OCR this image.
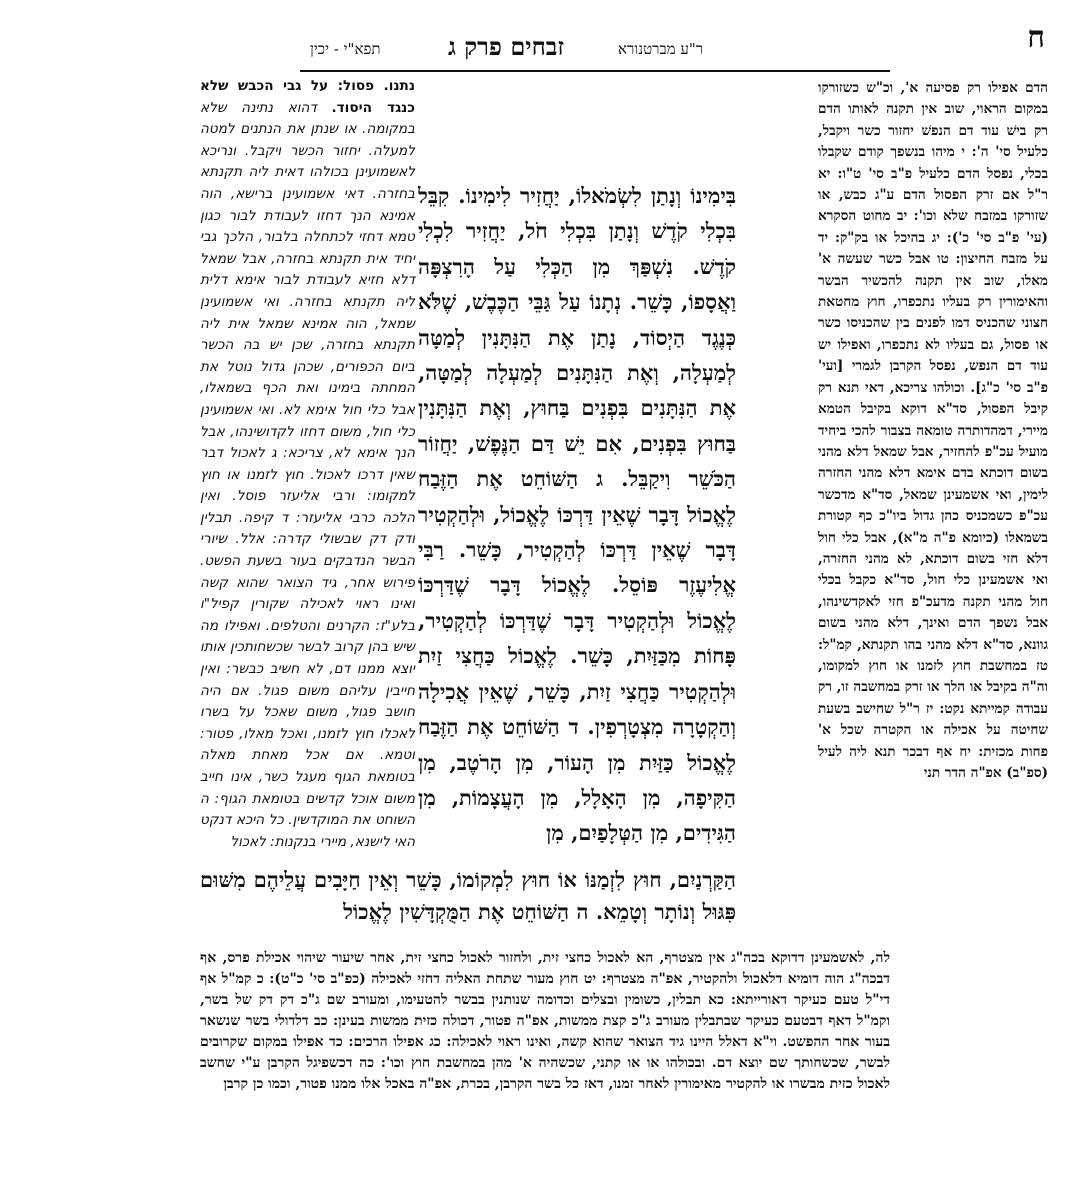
ח
תפא"י - יכין	זבחים פרק ג	ר"ע מברטנורא

הדם אפילו רק פסיעה א', וכ"ש כשזורקו במקום הראוי, שוב אין תקנה לאותו הדם רק בישׁ עוד דם הנפשׁ יחזור כשר ויקבל, כלעיל סי' ה': י מיהו בנשפך קודם שקבלו בכלי, נפסל הדם כלעיל פ"ב סי' ט"ו: יא ר"ל אם זרק הפסול הדם ע"ג כבש, או שזורקו במזבח שלא וכו': יב מחוט הסקרא (עי' פ"ב סי' כ'): יג בהיכל או בק"ק: יד על מזבח החיצון: טו אבל כשר שעשה א' מאלו, שוב אין תקנה להכשיר הבשר והאימורין רק בעליו נתכפרו, חוץ מחטאת חצוני שהכניס דמו לפנים בין שהכניסו כשר או פסול, גם בעליו לא נתכפרו, ואפילו יש עוד דם הנפש, נפסל הקרבן לגמרי [ועי' פ"ב סי' כ"ג]. וכולהו צריכא, דאי תנא רק קיבל הפסול, סד"א דוקא בקיבל הטמא מיירי, דמהדותרה טומאה בצבור להכי ביחיד מועיל עכ"פ להחזיר, אבל שמאל דלא מהני בשום דוכתא בדם אימא דלא מהני החזרה לימין, ואי אשמעינן שמאל, סד"א מדכשר עכ"פ כשמכניס כהן גדול ביו"כ כף קטורת בשמאלו (כיומא פ"ה מ"א), אבל כלי חול דלא חזי בשום דוכתא, לא מהני החזרה, ואי אשמעינן כלי חול, סד"א כקבל בכלי חול מהני תקנה מדעכ"פ חזי לאקדשינהו, אבל נשפך הדם ואינך, דלא מהני בשום גוונא, סד"א דלא מהני בהו תקנתא, קמ"ל: טז במחשבת חוץ לזמנו או חוץ למקומו, וה"ה בקיבל או הלך או זרק במחשבה זו, רק עבודה קמייתא נקט: יז ר"ל שחישב בשעת שחיטה על אכילה או הקטרה שכל א' פחות מכזית: יח אף דבכר תנא ליה לעיל (ספ"ב) אפ"ה הדר תני

נתנו. פסול: על גבי הכבש שלא כנגד היסוד. דהוא נתינה שלא במקומה. או שנתן את הנתנים למטה למעלה. יחזור הכשר ויקבל. ונריכא לאשמועינן בכולהו דאית ליה תקנתא בחזרה. דאי אשמועינן ברישא, הוה אמינא הנך דחזו לעבודת לבור כגון טמא דחזי לכתחלה בלבור, הלכך גבי יחיד אית תקנתא בחזרה, אבל שמאל דלא חזיא לעבודת לבור אימא דלית ליה תקנתא בחזרה. ואי אשמועינן שמאל, הוה אמינא שמאל אית ליה תקנתא בחזרה, שכן יש בה הכשר ביום הכפורים, שכהן גדול נוטל את המחתה בימינו ואת הכף בשמאלו, אבל כלי חול אימא לא. ואי אשמועינן כלי חול, משום דחזו לקדושינהו, אבל הנך אימא לא, צריכא: ג לאכול דבר שאין דרכו לאכול. חוץ לזמנו או חוץ למקומו: ורבי אליעזר פוסל. ואין הלכה כרבי אליעזר: ד קיפה. תבלין ודק דק שבשולי קדרה: אלל. שיורי הבשר הנדבקים בעור בשעת הפשט. פירוש אחר, גיד הצואר שהוא קשה ואינו ראוי לאכילה שקורין קפיל"ו בלע"ז: הקרנים והטלפים. ואפילו מה שיש בהן קרוב לבשר שכשחותכין אותו יוצא ממנו דם, לא חשיב כבשר: ואין חייבין עליהם משום פגול. אם היה חושב פגול, משום שאכל על בשרו לאכלו חוץ לזמנו, ואכל מאלו, פטור: וטמא. אם אכל מאחת מאלה בטומאת הגוף מעגל כשר, אינו חייב משום אוכל קדשים בטומאת הגוף: ה השוחט את המוקדשין. כל היכא דנקט האי לישנא, מיירי בנקנות: לאכול

בִּימִינוֹ וְנָתַן לִשְׂמֹאלוֹ, יַחֲזִיר לִימִינוֹ. קִבֵּל בִּכְלִי קֹדֶשׁ וְנָתַן בִּכְלִי חֹל, יַחֲזִיר לִכְלִי קֹדֶשׁ. נִשְׁפַּךְ מִן הַכְּלִי עַל הָרִצְפָּה וַאֲסָפוֹ, כָּשֵׁר. נְתָנוֹ עַל גַּבֵּי הַכֶּבֶשׁ, שֶׁלֹּא כְּנֶגֶד הַיְסוֹד, נָתַן אֶת הַנִּתָּנִין לְמַטָּה לְמַעְלָה, וְאֶת הַנִּתָּנִים לְמַעְלָה לְמַטָּה, אֶת הַנִּתָּנִים בִּפְנִים בַּחוּץ, וְאֶת הַנִּתָּנִין בַּחוּץ בִּפְנִים, אִם יֵשׁ דַּם הַנֶּפֶשׁ, יַחֲזוֹר הַכֹּשֵׁר וִיקַבֵּל. ג הַשּׁוֹחֵט אֶת הַזֶּבַח לֶאֱכוֹל דָּבָר שֶׁאֵין דַּרְכּוֹ לֶאֱכוֹל, וּלְהַקְטִיר דָּבָר שֶׁאֵין דַּרְכּוֹ לְהַקְטִיר, כָּשֵׁר. רַבִּי אֱלִיעֶזֶר פּוֹסֵל. לֶאֱכוֹל דָּבָר שֶׁדַּרְכּוֹ לֶאֱכוֹל וּלְהַקְטִיר דָּבָר שֶׁדַּרְכּוֹ לְהַקְטִיר, פָּחוֹת מִכַּזַּיִת, כָּשֵׁר. לֶאֱכוֹל כַּחֲצִי זַיִת וּלְהַקְטִיר כַּחֲצִי זַיִת, כָּשֵׁר, שֶׁאֵין אֲכִילָה וְהַקְטָרָה מִצְטָרְפִין. ד הַשּׁוֹחֵט אֶת הַזֶּבַח לֶאֱכוֹל כַּזַּיִת מִן הָעוֹר, מִן הָרֹטֶב, מִן הַקִּיפָה, מִן הָאָלָל, מִן הָעֲצָמוֹת, מִן הַגִּידִים, מִן הַטְּלָפַיִם, מִן
הַקַּרְנַיִם, חוּץ לִזְמַנּוֹ אוֹ חוּץ לִמְקוֹמוֹ, כָּשֵׁר וְאֵין חַיָּבִים עֲלֵיהֶם מִשּׁוּם פִּגּוּל וְנוֹתָר וְטָמֵא. ה הַשּׁוֹחֵט אֶת הַמֻּקְדָּשִׁין לֶאֱכוֹל
לה, לאשמעינן דדוקא בכה"ג אין מצטרף, הא לאכול כחצי זית, ולחזור לאכול כחצי זית, אחר שיעור שיהוי אכילת פרס, אף דבכה"ג הוה דומיא דלאכול ולהקטיר, אפ"ה מצטרף: יט חוץ מעור שתחת האליה דחזי לאכילה (כפ"ב סי' כ"ט): כ קמ"ל אף די"ל טעם כעיקר דאורייתא: כא תבלין, כשומין ובצלים וכדומה שנותנין בבשר להטעימו, ומעורב שם ג"כ דק דק של בשר, וקמ"ל דאף דבטעם כעיקר שבתבלין מעורב ג"כ קצת ממשות, אפ"ה פטור, דכולה כזית ממשות בעינן: כב דלדולי בשר שנשאר בעור אחר ההפשט. וי"א דאלל היינו גיד הצואר שהוא קשה, ואינו ראוי לאכילה: כג אפילו הרכים: כד אפילו במקום שקרובים לבשר, שכשחותך שם יוצא דם. ובכולהו או או קתני, שכשהיה א' מהן במחשבת חוץ וכו': כה דכשפיגל הקרבן ע"י שחשב לאכול כזית מבשרו או להקטיר מאימורין לאחר זמנו, דאז כל בשר הקרבן, בכרת, אפ"ה באכל אלו ממנו פטור, וכמו כן קרבן
